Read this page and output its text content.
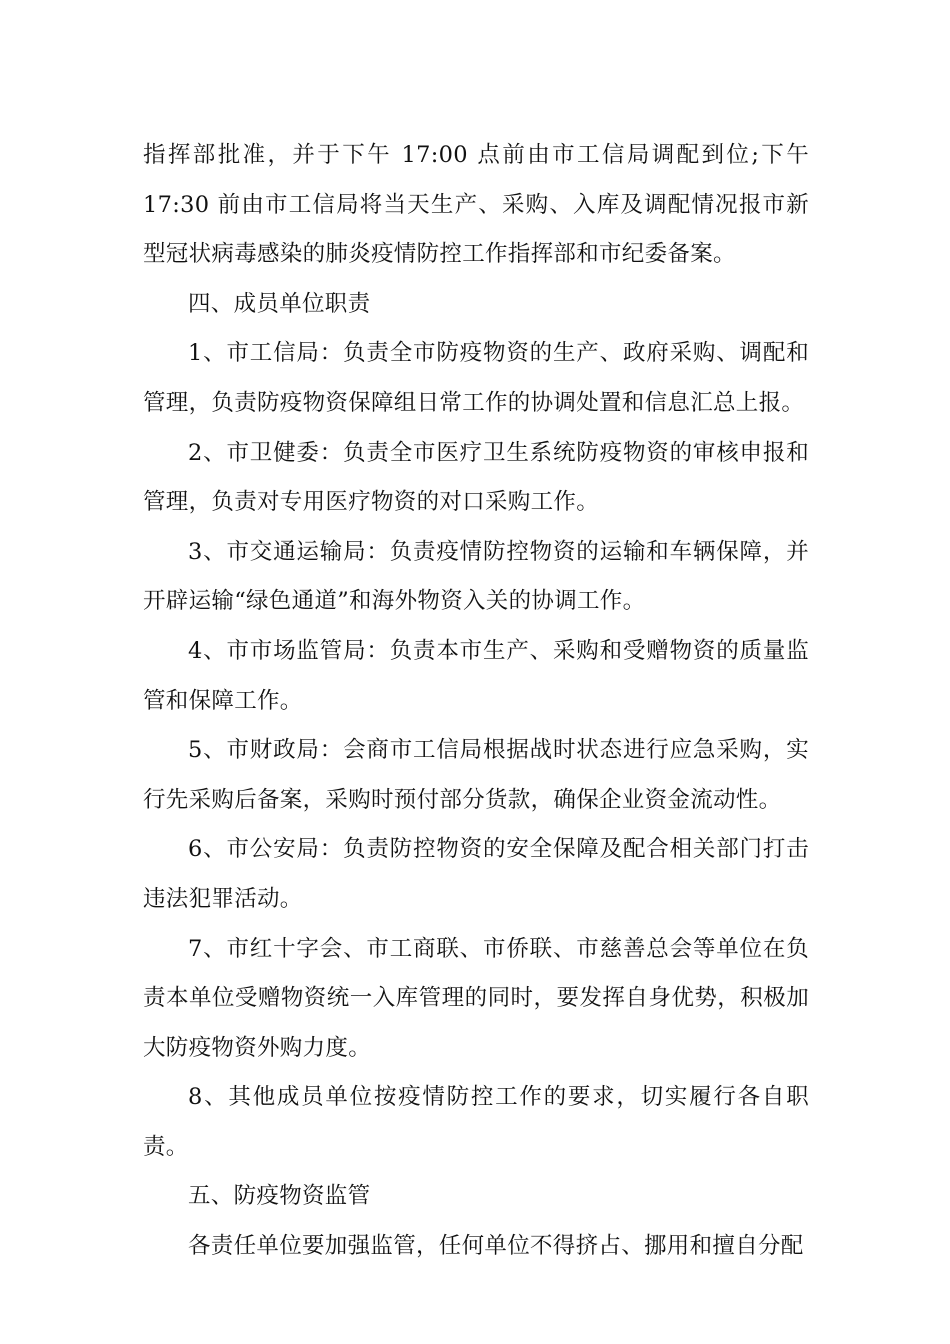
指挥部批准，并于下午 17:00 点前由市工信局调配到位;下午 17:30 前由市工信局将当天生产、采购、入库及调配情况报市新型冠状病毒感染的肺炎疫情防控工作指挥部和市纪委备案。

四、成员单位职责

1、市工信局：负责全市防疫物资的生产、政府采购、调配和管理，负责防疫物资保障组日常工作的协调处置和信息汇总上报。

2、市卫健委：负责全市医疗卫生系统防疫物资的审核申报和管理，负责对专用医疗物资的对口采购工作。

3、市交通运输局：负责疫情防控物资的运输和车辆保障，并开辟运输“绿色通道”和海外物资入关的协调工作。

4、市市场监管局：负责本市生产、采购和受赠物资的质量监管和保障工作。

5、市财政局：会商市工信局根据战时状态进行应急采购，实行先采购后备案，采购时预付部分货款，确保企业资金流动性。

6、市公安局：负责防控物资的安全保障及配合相关部门打击违法犯罪活动。

7、市红十字会、市工商联、市侨联、市慈善总会等单位在负责本单位受赠物资统一入库管理的同时，要发挥自身优势，积极加大防疫物资外购力度。

8、其他成员单位按疫情防控工作的要求，切实履行各自职责。

五、防疫物资监管

各责任单位要加强监管，任何单位不得挤占、挪用和擅自分配
